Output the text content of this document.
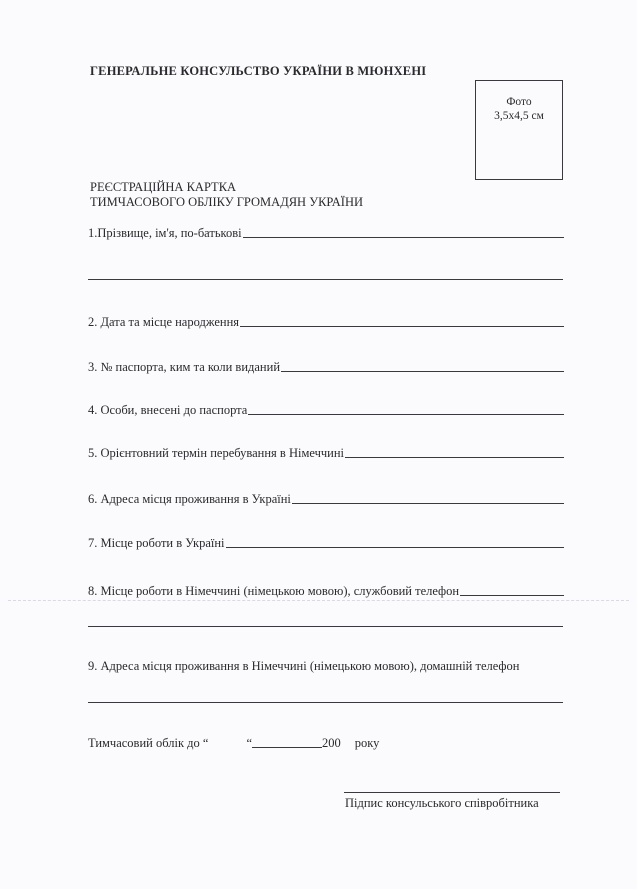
ГЕНЕРАЛЬНЕ КОНСУЛЬСТВО УКРАЇНИ В МЮНХЕНІ
Фото
3,5х4,5 см
РЕЄСТРАЦІЙНА КАРТКА
ТИМЧАСОВОГО ОБЛІКУ ГРОМАДЯН УКРАЇНИ
1.Прізвище, ім'я, по-батькові
2. Дата та місце народження
3. № паспорта, ким та коли виданий
4. Особи, внесені до паспорта
5. Орієнтовний термін перебування в Німеччині
6. Адреса місця проживання в Україні
7. Місце роботи в Україні
8. Місце роботи в Німеччині (німецькою мовою), службовий телефон
9. Адреса місця проживання в Німеччині (німецькою мовою), домашній телефон
Тимчасовий облік до “	“	200 року
Підпис консульського співробітника
